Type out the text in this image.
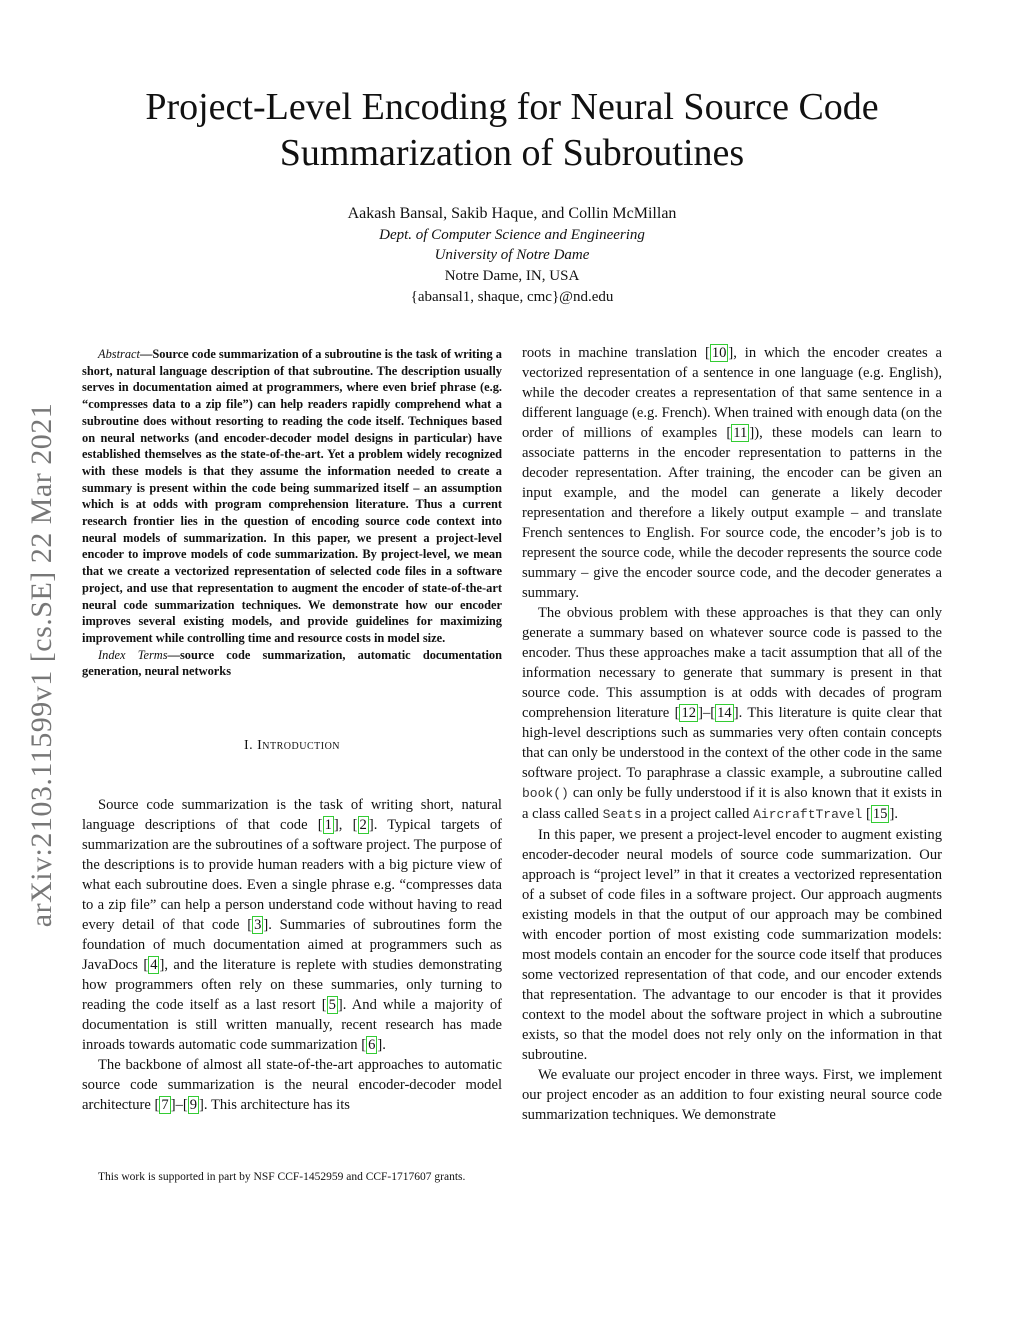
Project-Level Encoding for Neural Source Code
Summarization of Subroutines
Aakash Bansal, Sakib Haque, and Collin McMillan
Dept. of Computer Science and Engineering
University of Notre Dame
Notre Dame, IN, USA
{abansal1, shaque, cmc}@nd.edu
arXiv:2103.11599v1 [cs.SE] 22 Mar 2021

Abstract—Source code summarization of a subroutine is the task of writing a short, natural language description of that subroutine. The description usually serves in documentation aimed at programmers, where even brief phrase (e.g. “compresses data to a zip file”) can help readers rapidly comprehend what a subroutine does without resorting to reading the code itself. Techniques based on neural networks (and encoder-decoder model designs in particular) have established themselves as the state-of-the-art. Yet a problem widely recognized with these models is that they assume the information needed to create a summary is present within the code being summarized itself – an assumption which is at odds with program comprehension literature. Thus a current research frontier lies in the question of encoding source code context into neural models of summarization. In this paper, we present a project-level encoder to improve models of code summarization. By project-level, we mean that we create a vectorized representation of selected code files in a software project, and use that representation to augment the encoder of state-of-the-art neural code summarization techniques. We demonstrate how our encoder improves several existing models, and provide guidelines for maximizing improvement while controlling time and resource costs in model size.

Index Terms—source code summarization, automatic documentation generation, neural networks

I. Introduction

Source code summarization is the task of writing short, natural language descriptions of that code [ 1 ], [ 2 ]. Typical targets of summarization are the subroutines of a software project. The purpose of the descriptions is to provide human readers with a big picture view of what each subroutine does. Even a single phrase e.g. “compresses data to a zip file” can help a person understand code without having to read every detail of that code [ 3 ]. Summaries of subroutines form the foundation of much documentation aimed at programmers such as JavaDocs [ 4 ], and the literature is replete with studies demonstrating how programmers often rely on these summaries, only turning to reading the code itself as a last resort [ 5 ]. And while a majority of documentation is still written manually, recent research has made inroads towards automatic code summarization [ 6 ].

The backbone of almost all state-of-the-art approaches to automatic source code summarization is the neural encoder-decoder model architecture [ 7 ]–[ 9 ]. This architecture has its

This work is supported in part by NSF CCF-1452959 and CCF-1717607 grants.

roots in machine translation [ 10 ], in which the encoder creates a vectorized representation of a sentence in one language (e.g. English), while the decoder creates a representation of that same sentence in a different language (e.g. French). When trained with enough data (on the order of millions of examples [ 11 ]), these models can learn to associate patterns in the encoder representation to patterns in the decoder representation. After training, the encoder can be given an input example, and the model can generate a likely decoder representation and therefore a likely output example – and translate French sentences to English. For source code, the encoder’s job is to represent the source code, while the decoder represents the source code summary – give the encoder source code, and the decoder generates a summary.

The obvious problem with these approaches is that they can only generate a summary based on whatever source code is passed to the encoder. Thus these approaches make a tacit assumption that all of the information necessary to generate that summary is present in that source code. This assumption is at odds with decades of program comprehension literature [ 12 ]–[ 14 ]. This literature is quite clear that high-level descriptions such as summaries very often contain concepts that can only be understood in the context of the other code in the same software project. To paraphrase a classic example, a subroutine called book() can only be fully understood if it is also known that it exists in a class called Seats in a project called AircraftTravel [ 15 ].

In this paper, we present a project-level encoder to augment existing encoder-decoder neural models of source code summarization. Our approach is “project level” in that it creates a vectorized representation of a subset of code files in a software project. Our approach augments existing models in that the output of our approach may be combined with encoder portion of most existing code summarization models: most models contain an encoder for the source code itself that produces some vectorized representation of that code, and our encoder extends that representation. The advantage to our encoder is that it provides context to the model about the software project in which a subroutine exists, so that the model does not rely only on the information in that subroutine.

We evaluate our project encoder in three ways. First, we implement our project encoder as an addition to four existing neural source code summarization techniques. We demonstrate
